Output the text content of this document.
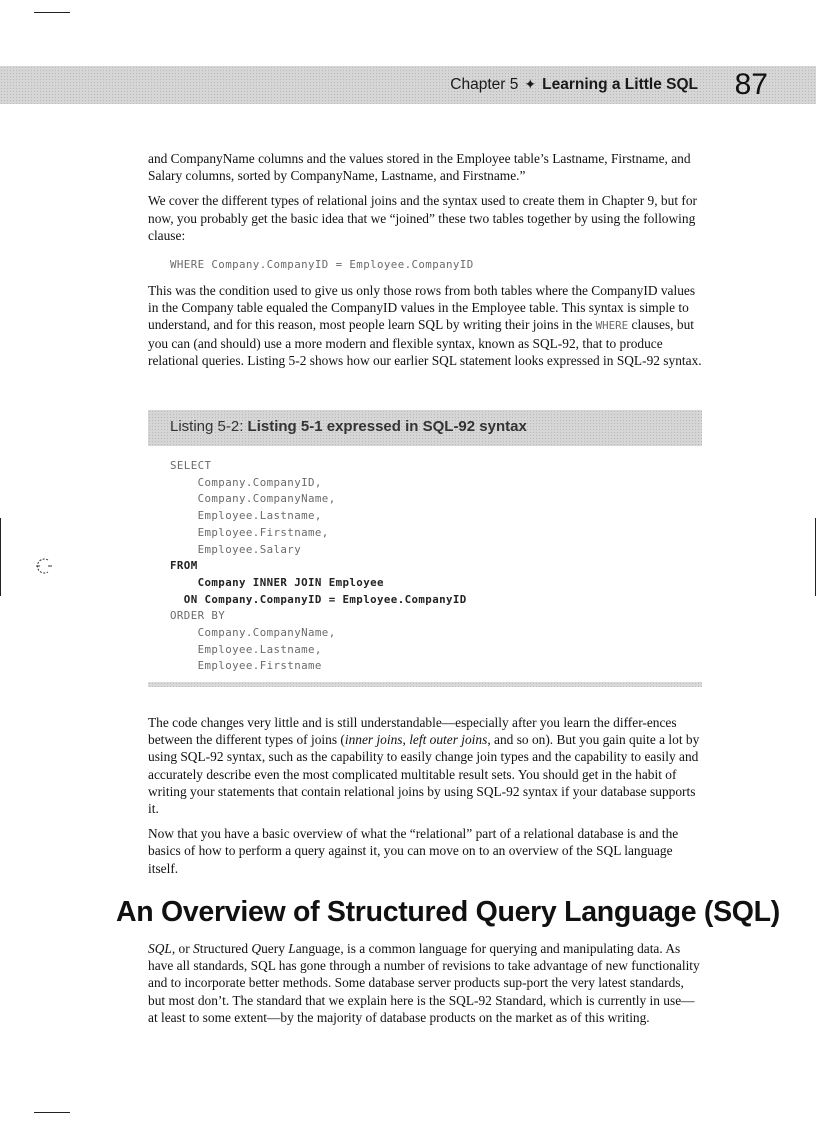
Chapter 5 ✦ Learning a Little SQL 87

and CompanyName columns and the values stored in the Employee table’s Lastname, Firstname, and Salary columns, sorted by CompanyName, Lastname, and Firstname.”

We cover the different types of relational joins and the syntax used to create them in Chapter 9, but for now, you probably get the basic idea that we “joined” these two tables together by using the following clause:

WHERE Company.CompanyID = Employee.CompanyID

This was the condition used to give us only those rows from both tables where the CompanyID values in the Company table equaled the CompanyID values in the Employee table. This syntax is simple to understand, and for this reason, most people learn SQL by writing their joins in the WHERE clauses, but you can (and should) use a more modern and flexible syntax, known as SQL-92, that to produce relational queries. Listing 5-2 shows how our earlier SQL statement looks expressed in SQL-92 syntax.

Listing 5-2: Listing 5-1 expressed in SQL-92 syntax
SELECT
Company.CompanyID,
Company.CompanyName,
Employee.Lastname,
Employee.Firstname,
Employee.Salary
FROM
Company INNER JOIN Employee
ON Company.CompanyID = Employee.CompanyID
ORDER BY
Company.CompanyName,
Employee.Lastname,
Employee.Firstname

The code changes very little and is still understandable—especially after you learn the differ-ences between the different types of joins (inner joins, left outer joins, and so on). But you gain quite a lot by using SQL-92 syntax, such as the capability to easily change join types and the capability to easily and accurately describe even the most complicated multitable result sets. You should get in the habit of writing your statements that contain relational joins by using SQL-92 syntax if your database supports it.

Now that you have a basic overview of what the “relational” part of a relational database is and the basics of how to perform a query against it, you can move on to an overview of the SQL language itself.

An Overview of Structured Query Language (SQL)

SQL, or Structured Query Language, is a common language for querying and manipulating data. As have all standards, SQL has gone through a number of revisions to take advantage of new functionality and to incorporate better methods. Some database server products sup-port the very latest standards, but most don’t. The standard that we explain here is the SQL-92 Standard, which is currently in use—at least to some extent—by the majority of database products on the market as of this writing.
